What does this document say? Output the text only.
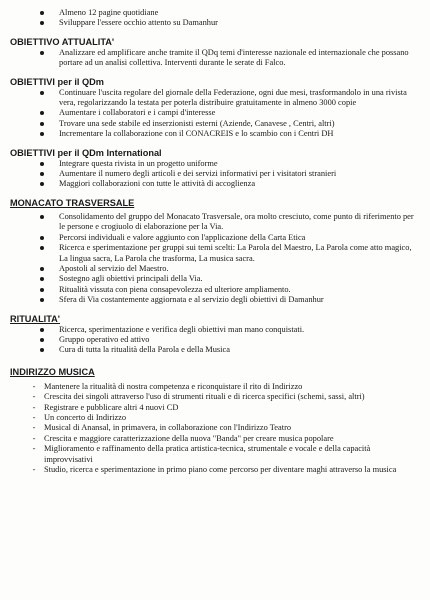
Almeno 12 pagine quotidiane
Sviluppare l'essere occhio attento su Damanhur
OBIETTIVO ATTUALITA'
Analizzare ed amplificare anche tramite il QDq temi d'interesse nazionale ed internazionale che possano portare ad un analisi collettiva. Interventi durante le serate di Falco.
OBIETTIVI per il QDm
Continuare l'uscita regolare del giornale della Federazione, ogni due mesi, trasformandolo in una rivista vera, regolarizzando la testata per poterla distribuire gratuitamente in almeno 3000 copie
Aumentare i collaboratori e i campi d'interesse
Trovare una sede stabile ed inserzionisti esterni (Aziende, Canavese , Centri, altri)
Incrementare la collaborazione con il CONACREIS e lo scambio con i Centri DH
OBIETTIVI per il QDm International
Integrare questa rivista in un progetto uniforme
Aumentare il numero degli articoli e dei servizi informativi per i visitatori stranieri
Maggiori collaborazioni con tutte le attività di accoglienza
MONACATO TRASVERSALE
Consolidamento del gruppo del Monacato Trasversale, ora molto cresciuto, come punto di riferimento per le persone e crogiuolo di elaborazione per la Via.
Percorsi individuali e valore aggiunto con l'applicazione della Carta Etica
Ricerca e sperimentazione per gruppi sui temi scelti: La Parola del Maestro, La Parola come atto magico, La lingua sacra, La Parola che trasforma, La musica sacra.
Apostoli al servizio del Maestro.
Sostegno agli obiettivi principali della Via.
Ritualità vissuta con piena consapevolezza ed ulteriore ampliamento.
Sfera di Via costantemente aggiornata e al servizio degli obiettivi di Damanhur
RITUALITA'
Ricerca, sperimentazione e verifica degli obiettivi man mano conquistati.
Gruppo operativo ed attivo
Cura di tutta la ritualità della Parola e della Musica
INDIRIZZO MUSICA
-	Mantenere la ritualità di nostra competenza e riconquistare il rito di Indirizzo
-	Crescita dei singoli attraverso l'uso di strumenti rituali e di ricerca specifici (schemi, sassi, altri)
-	Registrare e pubblicare altri 4 nuovi CD
-	Un concerto di Indirizzo
-	Musical di Anansal, in primavera, in collaborazione con l'Indirizzo Teatro
-	Crescita e maggiore caratterizzazione della nuova "Banda" per creare musica popolare
-	Miglioramento e raffinamento della pratica artistica-tecnica, strumentale e vocale e della capacità improvvisativi
-	Studio, ricerca e sperimentazione in primo piano come percorso per diventare maghi attraverso la musica
